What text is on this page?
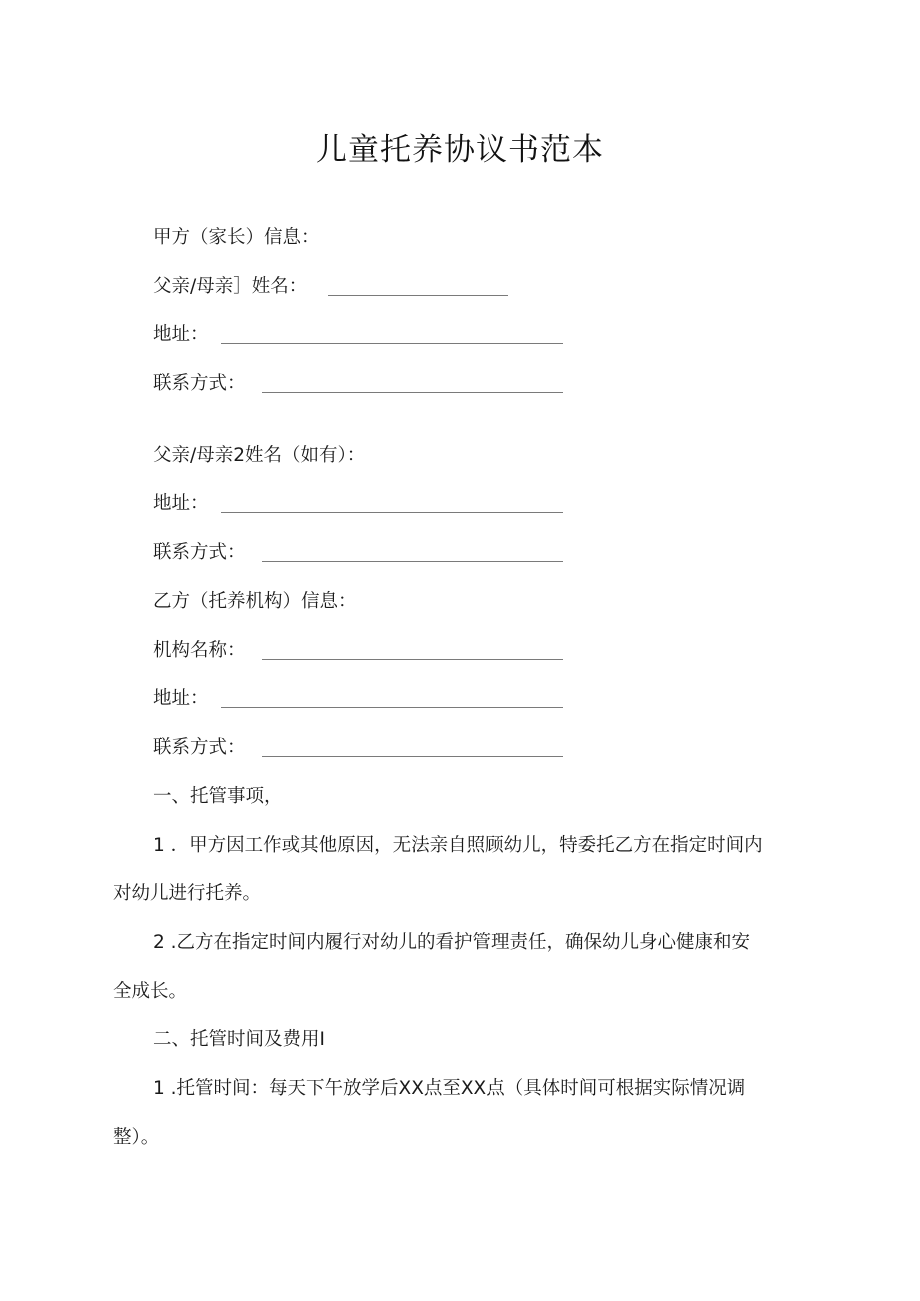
儿童托养协议书范本
甲方（家长）信息：
父亲/母亲］姓名：
地址：
联系方式：
父亲/母亲2姓名（如有）：
地址：
联系方式：
乙方（托养机构）信息：
机构名称：
地址：
联系方式：
一、托管事项，
1 ．甲方因工作或其他原因，无法亲自照顾幼儿，特委托乙方在指定时间内
对幼儿进行托养。
2 .乙方在指定时间内履行对幼儿的看护管理责任，确保幼儿身心健康和安
全成长。
二、托管时间及费用I
1 .托管时间：每天下午放学后XX点至XX点（具体时间可根据实际情况调
整）。
